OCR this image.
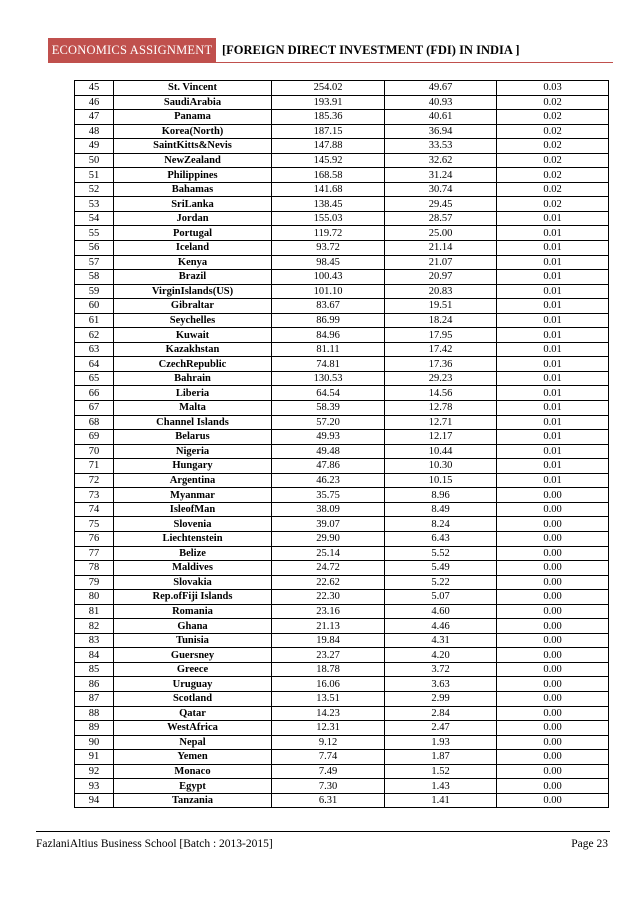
ECONOMICS ASSIGNMENT [FOREIGN DIRECT INVESTMENT (FDI) IN INDIA ]
45	St. Vincent	254.02	49.67	0.03
46	SaudiArabia	193.91	40.93	0.02
47	Panama	185.36	40.61	0.02
48	Korea(North)	187.15	36.94	0.02
49	SaintKitts&Nevis	147.88	33.53	0.02
50	NewZealand	145.92	32.62	0.02
51	Philippines	168.58	31.24	0.02
52	Bahamas	141.68	30.74	0.02
53	SriLanka	138.45	29.45	0.02
54	Jordan	155.03	28.57	0.01
55	Portugal	119.72	25.00	0.01
56	Iceland	93.72	21.14	0.01
57	Kenya	98.45	21.07	0.01
58	Brazil	100.43	20.97	0.01
59	VirginIslands(US)	101.10	20.83	0.01
60	Gibraltar	83.67	19.51	0.01
61	Seychelles	86.99	18.24	0.01
62	Kuwait	84.96	17.95	0.01
63	Kazakhstan	81.11	17.42	0.01
64	CzechRepublic	74.81	17.36	0.01
65	Bahrain	130.53	29.23	0.01
66	Liberia	64.54	14.56	0.01
67	Malta	58.39	12.78	0.01
68	Channel Islands	57.20	12.71	0.01
69	Belarus	49.93	12.17	0.01
70	Nigeria	49.48	10.44	0.01
71	Hungary	47.86	10.30	0.01
72	Argentina	46.23	10.15	0.01
73	Myanmar	35.75	8.96	0.00
74	IsleofMan	38.09	8.49	0.00
75	Slovenia	39.07	8.24	0.00
76	Liechtenstein	29.90	6.43	0.00
77	Belize	25.14	5.52	0.00
78	Maldives	24.72	5.49	0.00
79	Slovakia	22.62	5.22	0.00
80	Rep.ofFiji Islands	22.30	5.07	0.00
81	Romania	23.16	4.60	0.00
82	Ghana	21.13	4.46	0.00
83	Tunisia	19.84	4.31	0.00
84	Guersney	23.27	4.20	0.00
85	Greece	18.78	3.72	0.00
86	Uruguay	16.06	3.63	0.00
87	Scotland	13.51	2.99	0.00
88	Qatar	14.23	2.84	0.00
89	WestAfrica	12.31	2.47	0.00
90	Nepal	9.12	1.93	0.00
91	Yemen	7.74	1.87	0.00
92	Monaco	7.49	1.52	0.00
93	Egypt	7.30	1.43	0.00
94	Tanzania	6.31	1.41	0.00
FazlaniAltius Business School [Batch : 2013-2015]	Page 23
